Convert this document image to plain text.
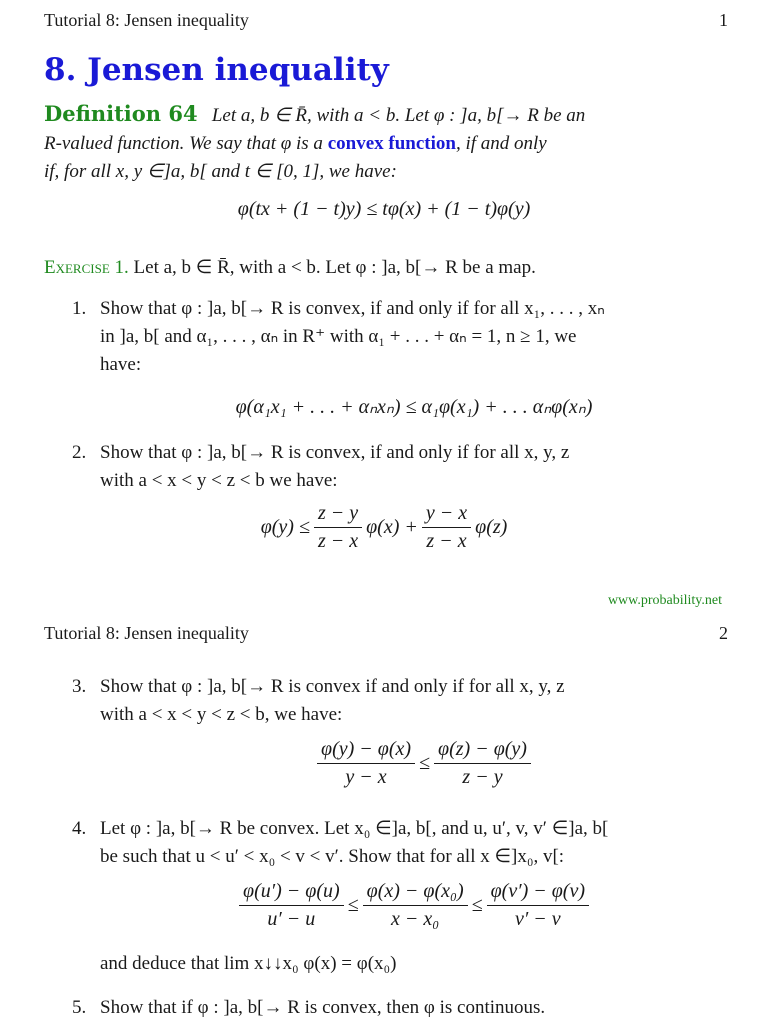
Tutorial 8: Jensen inequality	1
8. Jensen inequality
Definition 64 Let a, b ∈ R̄, with a < b. Let φ : ]a, b[→ R be an
R-valued function. We say that φ is a convex function, if and only
if, for all x, y ∈]a, b[ and t ∈ [0, 1], we have:
φ(tx + (1 − t)y) ≤ tφ(x) + (1 − t)φ(y)
Exercise 1. Let a, b ∈ R̄, with a < b. Let φ : ]a, b[→ R be a map.
1. Show that φ : ]a, b[→ R is convex, if and only if for all x₁, . . . , xₙ
in ]a, b[ and α₁, . . . , αₙ in R⁺ with α₁ + . . . + αₙ = 1, n ≥ 1, we
have:
φ(α₁x₁ + . . . + αₙxₙ) ≤ α₁φ(x₁) + . . . αₙφ(xₙ)
2. Show that φ : ]a, b[→ R is convex, if and only if for all x, y, z
with a < x < y < z < b we have:
$\varphi(y) \le \frac{z - y}{z - x} \varphi(x) + \frac{y - x}{z - x} \varphi(z)$
www.probability.net
Tutorial 8: Jensen inequality	2
3. Show that φ : ]a, b[→ R is convex if and only if for all x, y, z
with a < x < y < z < b, we have:
$\frac{\varphi(y) - \varphi(x)}{y - x} \le \frac{\varphi(z) - \varphi(y)}{z - y}$
4. Let φ : ]a, b[→ R be convex. Let x₀ ∈]a, b[, and u, u′, v, v′ ∈]a, b[
be such that u < u′ < x₀ < v < v′. Show that for all x ∈]x₀, v[:
$\frac{\varphi(u') - \varphi(u)}{u' - u} \le \frac{\text{φ(x) − φ(x₀)}}{\text{x − x₀}} \le \frac{\varphi(v') - \varphi(v)}{v' - v}$
and deduce that lim x↓↓x₀ φ(x) = φ(x₀)
5. Show that if φ : ]a, b[→ R is convex, then φ is continuous.
